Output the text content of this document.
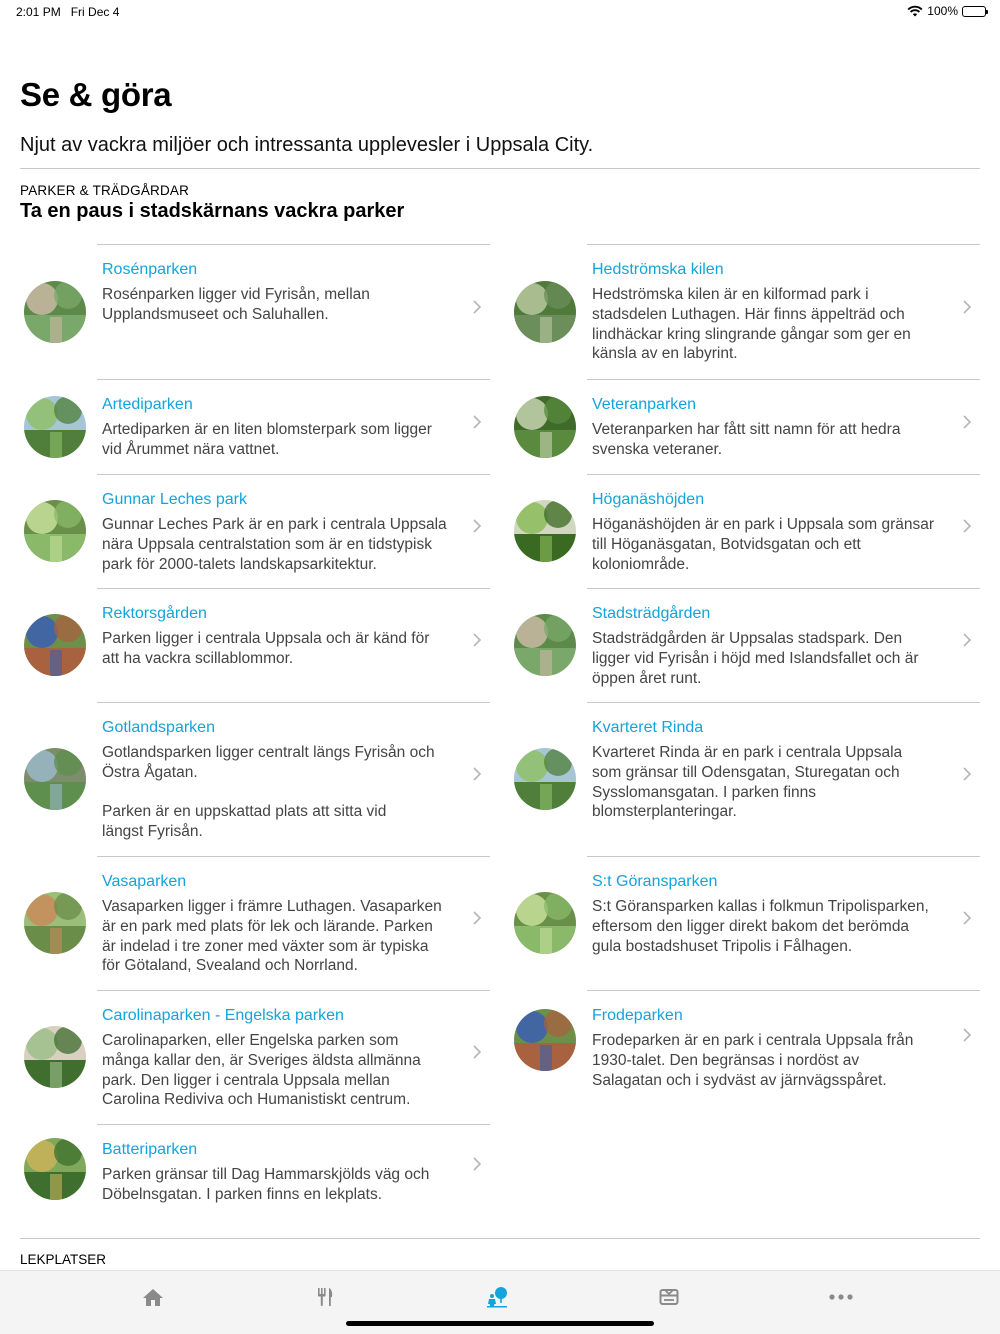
2:01 PM Fri Dec 4	100%
Se & göra

Njut av vackra miljöer och intressanta upplevesler i Uppsala City.

PARKER & TRÄDGÅRDAR
Ta en paus i stadskärnans vackra parker
Rosénparken
Rosénparken ligger vid Fyrisån, mellan
Upplandsmuseet och Saluhallen.
Artediparken
Artediparken är en liten blomsterpark som ligger
vid Årummet nära vattnet.
Gunnar Leches park
Gunnar Leches Park är en park i centrala Uppsala
nära Uppsala centralstation som är en tidstypisk
park för 2000-talets landskapsarkitektur.
Rektorsgården
Parken ligger i centrala Uppsala och är känd för
att ha vackra scillablommor.
Gotlandsparken
Gotlandsparken ligger centralt längs Fyrisån och
Östra Ågatan.

Parken är en uppskattad plats att sitta vid
längst Fyrisån.
Vasaparken
Vasaparken ligger i främre Luthagen. Vasaparken
är en park med plats för lek och lärande. Parken
är indelad i tre zoner med växter som är typiska
för Götaland, Svealand och Norrland.
Carolinaparken - Engelska parken
Carolinaparken, eller Engelska parken som
många kallar den, är Sveriges äldsta allmänna
park. Den ligger i centrala Uppsala mellan
Carolina Rediviva och Humanistiskt centrum.
Batteriparken
Parken gränsar till Dag Hammarskjölds väg och
Döbelnsgatan. I parken finns en lekplats.
Hedströmska kilen
Hedströmska kilen är en kilformad park i
stadsdelen Luthagen. Här finns äppelträd och
lindhäckar kring slingrande gångar som ger en
känsla av en labyrint.
Veteranparken
Veteranparken har fått sitt namn för att hedra
svenska veteraner.
Höganäshöjden
Höganäshöjden är en park i Uppsala som gränsar
till Höganäsgatan, Botvidsgatan och ett
koloniområde.
Stadsträdgården
Stadsträdgården är Uppsalas stadspark. Den
ligger vid Fyrisån i höjd med Islandsfallet och är
öppen året runt.
Kvarteret Rinda
Kvarteret Rinda är en park i centrala Uppsala
som gränsar till Odensgatan, Sturegatan och
Sysslomansgatan. I parken finns
blomsterplanteringar.
S:t Göransparken
S:t Göransparken kallas i folkmun Tripolisparken,
eftersom den ligger direkt bakom det berömda
gula bostadshuset Tripolis i Fålhagen.
Frodeparken
Frodeparken är en park i centrala Uppsala från
1930-talet. Den begränsas i nordöst av
Salagatan och i sydväst av järnvägsspåret.
LEKPLATSER
